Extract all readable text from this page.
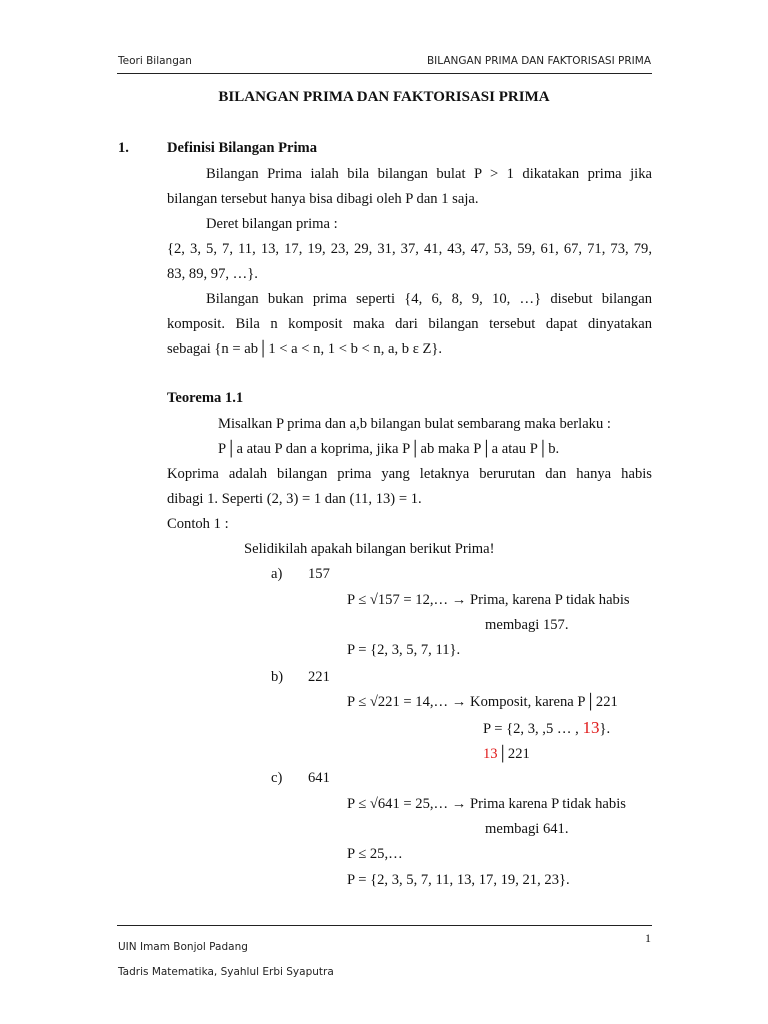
Teori Bilangan	BILANGAN PRIMA DAN FAKTORISASI PRIMA
BILANGAN PRIMA DAN FAKTORISASI PRIMA
1.	Definisi Bilangan Prima
Bilangan Prima ialah bila bilangan bulat P > 1 dikatakan prima jika
bilangan tersebut hanya bisa dibagi oleh P dan 1 saja.
Deret bilangan prima :
{2, 3, 5, 7, 11, 13, 17, 19, 23, 29, 31, 37, 41, 43, 47, 53, 59, 61, 67, 71, 73, 79,
83, 89, 97, …}.
Bilangan bukan prima seperti {4, 6, 8, 9, 10, …} disebut bilangan
komposit. Bila n komposit maka dari bilangan tersebut dapat dinyatakan
sebagai {n = ab│1 < a < n, 1 < b < n, a, b ε Z}.
Teorema 1.1
Misalkan P prima dan a,b bilangan bulat sembarang maka berlaku :
P│a atau P dan a koprima, jika P│ab maka P│a atau P│b.
Koprima adalah bilangan prima yang letaknya berurutan dan hanya habis
dibagi 1. Seperti (2, 3) = 1 dan (11, 13) = 1.
Contoh 1 :
Selidikilah apakah bilangan berikut Prima!
a) 157
P ≤ √157 = 12,… → Prima, karena P tidak habis
membagi 157.
P = {2, 3, 5, 7, 11}.
b) 221
P ≤ √221 = 14,… → Komposit, karena P│221
P = {2, 3, ,5 … , 13}.
13│221
c) 641
P ≤ √641 = 25,… → Prima karena P tidak habis
membagi 641.
P ≤ 25,…
P = {2, 3, 5, 7, 11, 13, 17, 19, 21, 23}.
1
UIN Imam Bonjol Padang
Tadris Matematika, Syahlul Erbi Syaputra
